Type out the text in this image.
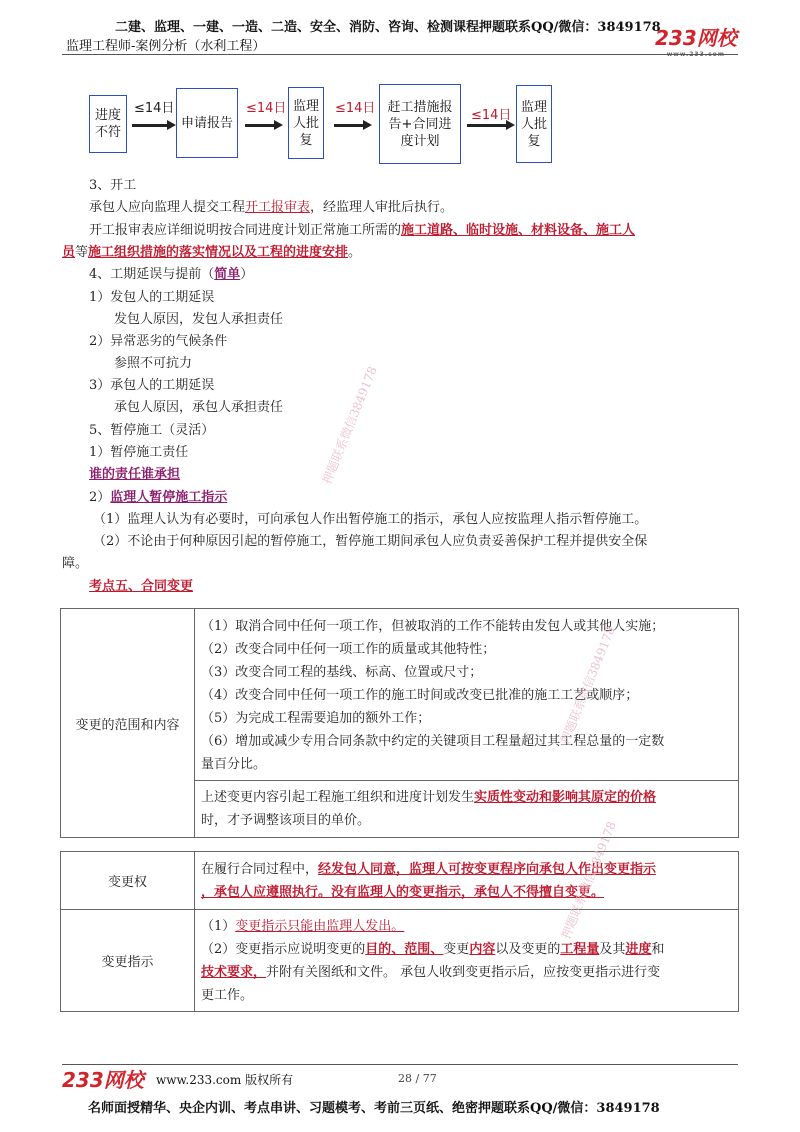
二建、监理、一建、一造、二造、安全、消防、咨询、检测课程押题联系QQ/微信：3849178
监理工程师-案例分析（水利工程）	233网校
进度不符
≤14日
申请报告
≤14日 监理人批复
≤14日 赶工措施报告+合同进度计划
≤14日
监理人批复
3、开工
承包人应向监理人提交工程开工报审表，经监理人审批后执行。
开工报审表应详细说明按合同进度计划正常施工所需的施工道路、临时设施、材料设备、施工人
员等施工组织措施的落实情况以及工程的进度安排。
4、工期延误与提前（简单）
1）发包人的工期延误
发包人原因，发包人承担责任
2）异常恶劣的气候条件
参照不可抗力
3）承包人的工期延误
承包人原因，承包人承担责任
5、暂停施工（灵活）
1）暂停施工责任
谁的责任谁承担
2）监理人暂停施工指示
（1）监理人认为有必要时，可向承包人作出暂停施工的指示，承包人应按监理人指示暂停施工。
（2）不论由于何种原因引起的暂停施工，暂停施工期间承包人应负责妥善保护工程并提供安全保
障。
考点五、合同变更
变更的范围和内容	
（1）取消合同中任何一项工作，但被取消的工作不能转由发包人或其他人实施；
（2）改变合同中任何一项工作的质量或其他特性；
（3）改变合同工程的基线、标高、位置或尺寸；
（4）改变合同中任何一项工作的施工时间或改变已批准的施工工艺或顺序；
（5）为完成工程需要追加的额外工作；
（6）增加或减少专用合同条款中约定的关键项目工程量超过其工程总量的一定数
量百分比。

上述变更内容引起工程施工组织和进度计划发生实质性变动和影响其原定的价格
时，才予调整该项目的单价。
变更权	在履行合同过程中，经发包人同意，监理人可按变更程序向承包人作出变更指示
，承包人应遵照执行。没有监理人的变更指示，承包人不得擅自变更。

变更指示	（1）变更指示只能由监理人发出。
（2）变更指示应说明变更的目的、范围、变更内容以及变更的工程量及其进度和
技术要求，并附有关图纸和文件。 承包人收到变更指示后，应按变更指示进行变
更工作。
押题联系微信3849178
押题联系微信3849178
押题联系微信3849178
233网校 www.233.com 版权所有	28 / 77
名师面授精华、央企内训、考点串讲、习题模考、考前三页纸、绝密押题联系QQ/微信：3849178
